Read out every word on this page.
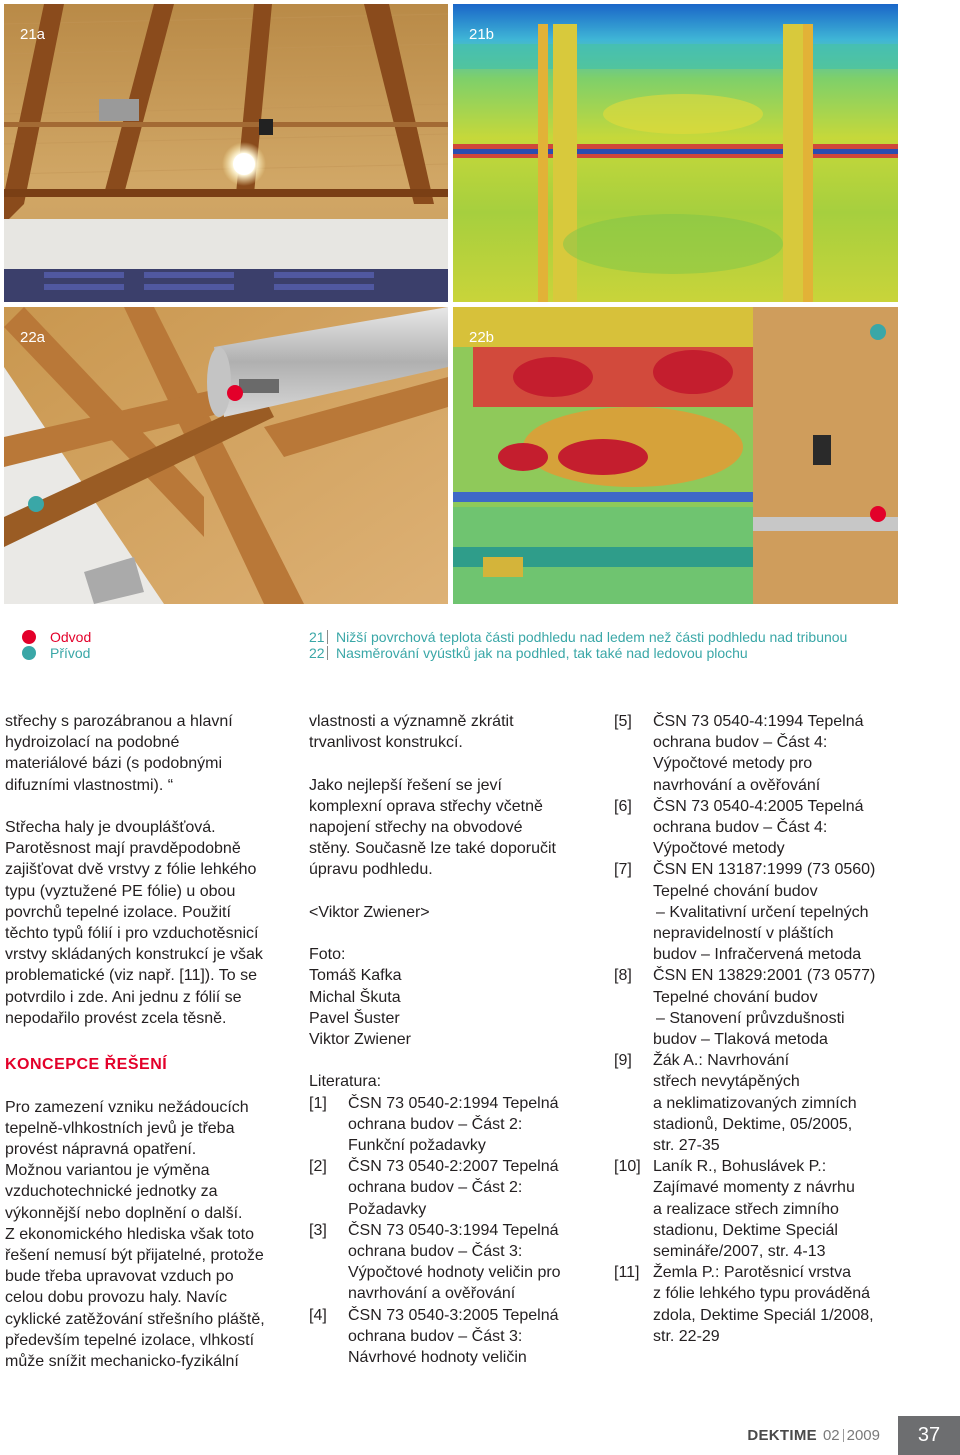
21a	21b
22a	22b
Odvod
Přívod
21 Nižší povrchová teplota části podhledu nad ledem než části podhledu nad tribunou
22 Nasměrování vyústků jak na podhled, tak také nad ledovou plochu

střechy s parozábranou a hlavní

hydroizolací na podobné

materiálové bázi (s podobnými

difuzními vlastnostmi). “

Střecha haly je dvouplášťová.

Parotěsnost mají pravděpodobně

zajišťovat dvě vrstvy z fólie lehkého

typu (vyztužené PE fólie) u obou

povrchů tepelné izolace. Použití

těchto typů fólií i pro vzduchotěsnicí

vrstvy skládaných konstrukcí je však

problematické (viz např. [11]). To se

potvrdilo i zde. Ani jednu z fólií se

nepodařilo provést zcela těsně.

KONCEPCE ŘEŠENÍ

Pro zamezení vzniku nežádoucích

tepelně-vlhkostních jevů je třeba

provést nápravná opatření.

Možnou variantou je výměna

vzduchotechnické jednotky za

výkonnější nebo doplnění o další.

Z ekonomického hlediska však toto

řešení nemusí být přijatelné, protože

bude třeba upravovat vzduch po

celou dobu provozu haly. Navíc

cyklické zatěžování střešního pláště,

především tepelné izolace, vlhkostí

může snížit mechanicko-fyzikální

vlastnosti a významně zkrátit

trvanlivost konstrukcí.

Jako nejlepší řešení se jeví

komplexní oprava střechy včetně

napojení střechy na obvodové

stěny. Současně lze také doporučit

úpravu podhledu.

<Viktor Zwiener>

Foto:

Tomáš Kafka

Michal Škuta

Pavel Šuster

Viktor Zwiener

Literatura:

[1]	ČSN 73 0540-2:1994 Tepelná

ochrana budov – Část 2:

Funkční požadavky

[2]	ČSN 73 0540-2:2007 Tepelná

ochrana budov – Část 2:

Požadavky

[3]	ČSN 73 0540-3:1994 Tepelná

ochrana budov – Část 3:

Výpočtové hodnoty veličin pro

navrhování a ověřování

[4]	ČSN 73 0540-3:2005 Tepelná

ochrana budov – Část 3:

Návrhové hodnoty veličin

[5]	ČSN 73 0540-4:1994 Tepelná

ochrana budov – Část 4:

Výpočtové metody pro

navrhování a ověřování

[6]	ČSN 73 0540-4:2005 Tepelná

ochrana budov – Část 4:

Výpočtové metody

[7]	ČSN EN 13187:1999 (73 0560)

Tepelné chování budov

– Kvalitativní určení tepelných

nepravidelností v pláštích

budov – Infračervená metoda

[8]	ČSN EN 13829:2001 (73 0577)

Tepelné chování budov

– Stanovení průvzdušnosti

budov – Tlaková metoda

[9]	Žák A.: Navrhování

střech nevytápěných

a neklimatizovaných zimních

stadionů, Dektime, 05/2005,

str. 27-35

[10] Laník R., Bohuslávek P.:

Zajímavé momenty z návrhu

a realizace střech zimního

stadionu, Dektime Speciál

semináře/2007, str. 4-13

[11] Žemla P.: Parotěsnicí vrstva

z fólie lehkého typu prováděná

zdola, Dektime Speciál 1/2008,

str. 22-29

DEKTIME 02 2009	37
